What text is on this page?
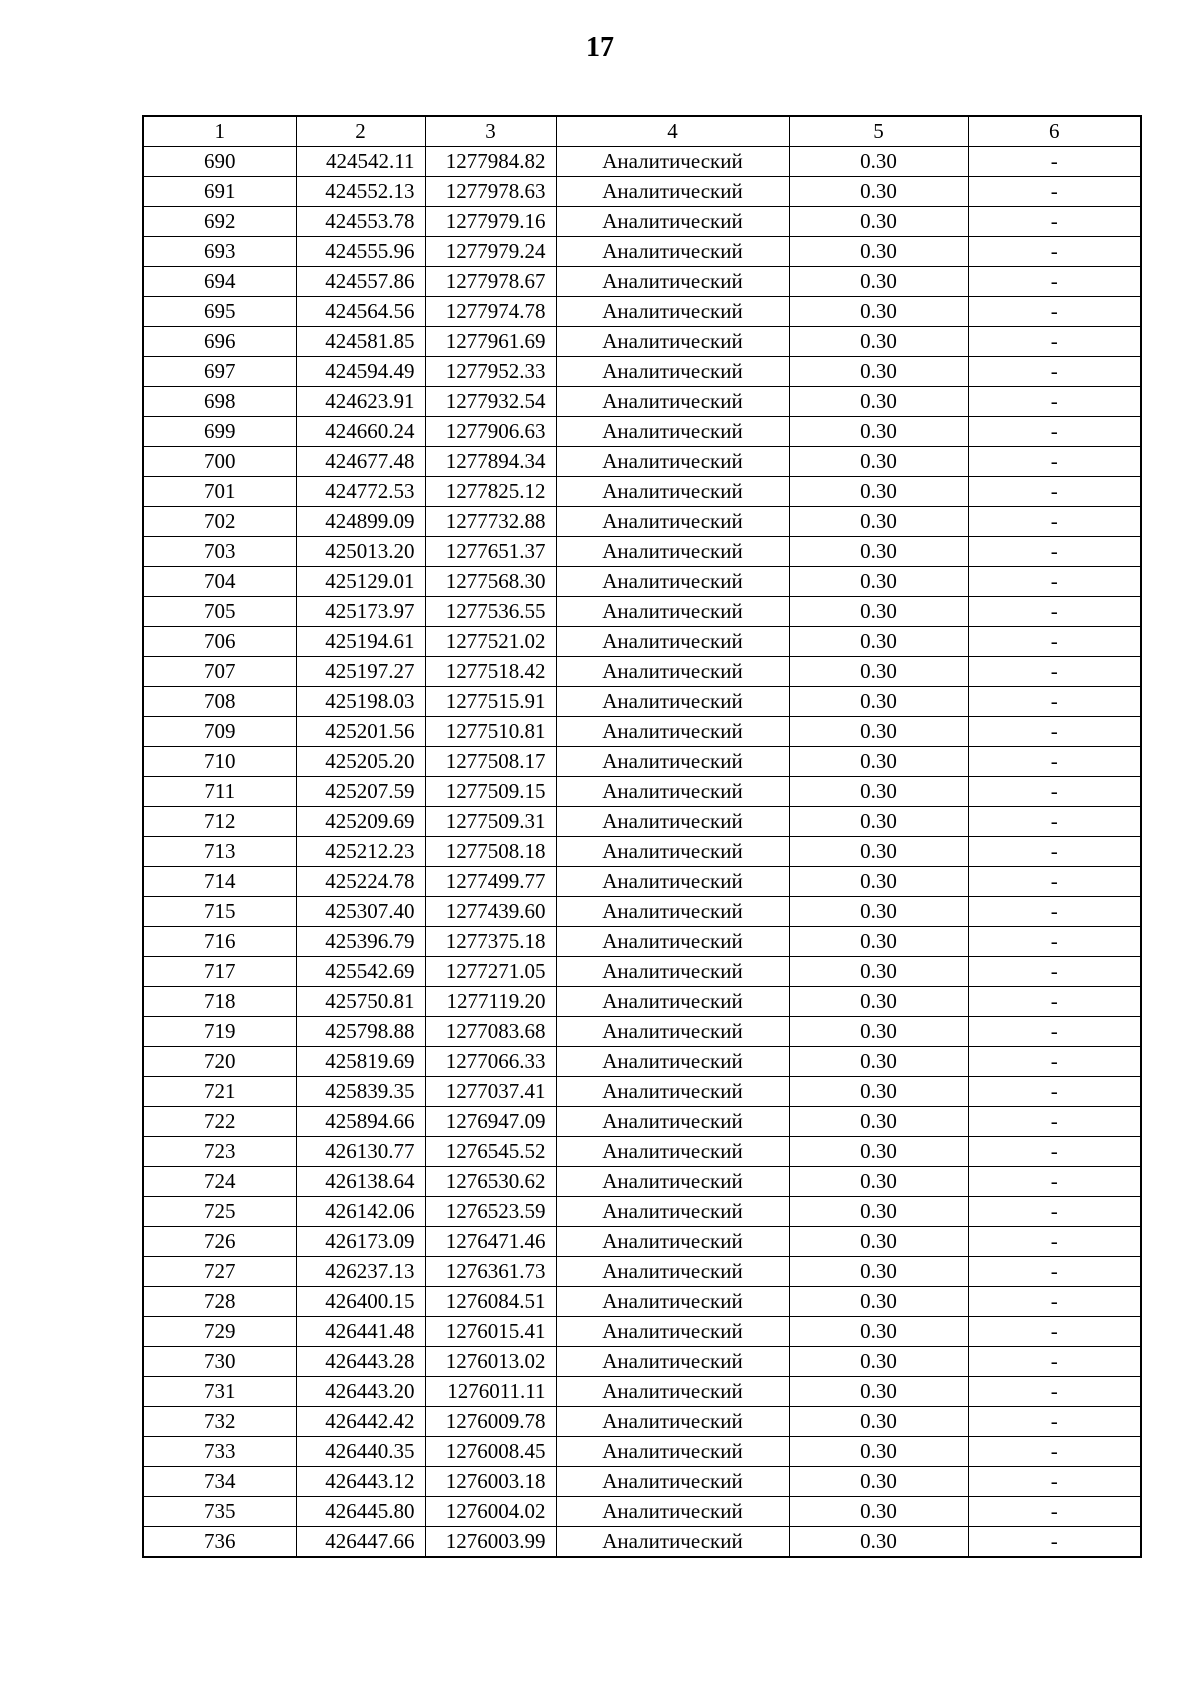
17
1	2	3	4	5	6
690	424542.11	1277984.82	Аналитический	0.30	-
691	424552.13	1277978.63	Аналитический	0.30	-
692	424553.78	1277979.16	Аналитический	0.30	-
693	424555.96	1277979.24	Аналитический	0.30	-
694	424557.86	1277978.67	Аналитический	0.30	-
695	424564.56	1277974.78	Аналитический	0.30	-
696	424581.85	1277961.69	Аналитический	0.30	-
697	424594.49	1277952.33	Аналитический	0.30	-
698	424623.91	1277932.54	Аналитический	0.30	-
699	424660.24	1277906.63	Аналитический	0.30	-
700	424677.48	1277894.34	Аналитический	0.30	-
701	424772.53	1277825.12	Аналитический	0.30	-
702	424899.09	1277732.88	Аналитический	0.30	-
703	425013.20	1277651.37	Аналитический	0.30	-
704	425129.01	1277568.30	Аналитический	0.30	-
705	425173.97	1277536.55	Аналитический	0.30	-
706	425194.61	1277521.02	Аналитический	0.30	-
707	425197.27	1277518.42	Аналитический	0.30	-
708	425198.03	1277515.91	Аналитический	0.30	-
709	425201.56	1277510.81	Аналитический	0.30	-
710	425205.20	1277508.17	Аналитический	0.30	-
711	425207.59	1277509.15	Аналитический	0.30	-
712	425209.69	1277509.31	Аналитический	0.30	-
713	425212.23	1277508.18	Аналитический	0.30	-
714	425224.78	1277499.77	Аналитический	0.30	-
715	425307.40	1277439.60	Аналитический	0.30	-
716	425396.79	1277375.18	Аналитический	0.30	-
717	425542.69	1277271.05	Аналитический	0.30	-
718	425750.81	1277119.20	Аналитический	0.30	-
719	425798.88	1277083.68	Аналитический	0.30	-
720	425819.69	1277066.33	Аналитический	0.30	-
721	425839.35	1277037.41	Аналитический	0.30	-
722	425894.66	1276947.09	Аналитический	0.30	-
723	426130.77	1276545.52	Аналитический	0.30	-
724	426138.64	1276530.62	Аналитический	0.30	-
725	426142.06	1276523.59	Аналитический	0.30	-
726	426173.09	1276471.46	Аналитический	0.30	-
727	426237.13	1276361.73	Аналитический	0.30	-
728	426400.15	1276084.51	Аналитический	0.30	-
729	426441.48	1276015.41	Аналитический	0.30	-
730	426443.28	1276013.02	Аналитический	0.30	-
731	426443.20	1276011.11	Аналитический	0.30	-
732	426442.42	1276009.78	Аналитический	0.30	-
733	426440.35	1276008.45	Аналитический	0.30	-
734	426443.12	1276003.18	Аналитический	0.30	-
735	426445.80	1276004.02	Аналитический	0.30	-
736	426447.66	1276003.99	Аналитический	0.30	-
